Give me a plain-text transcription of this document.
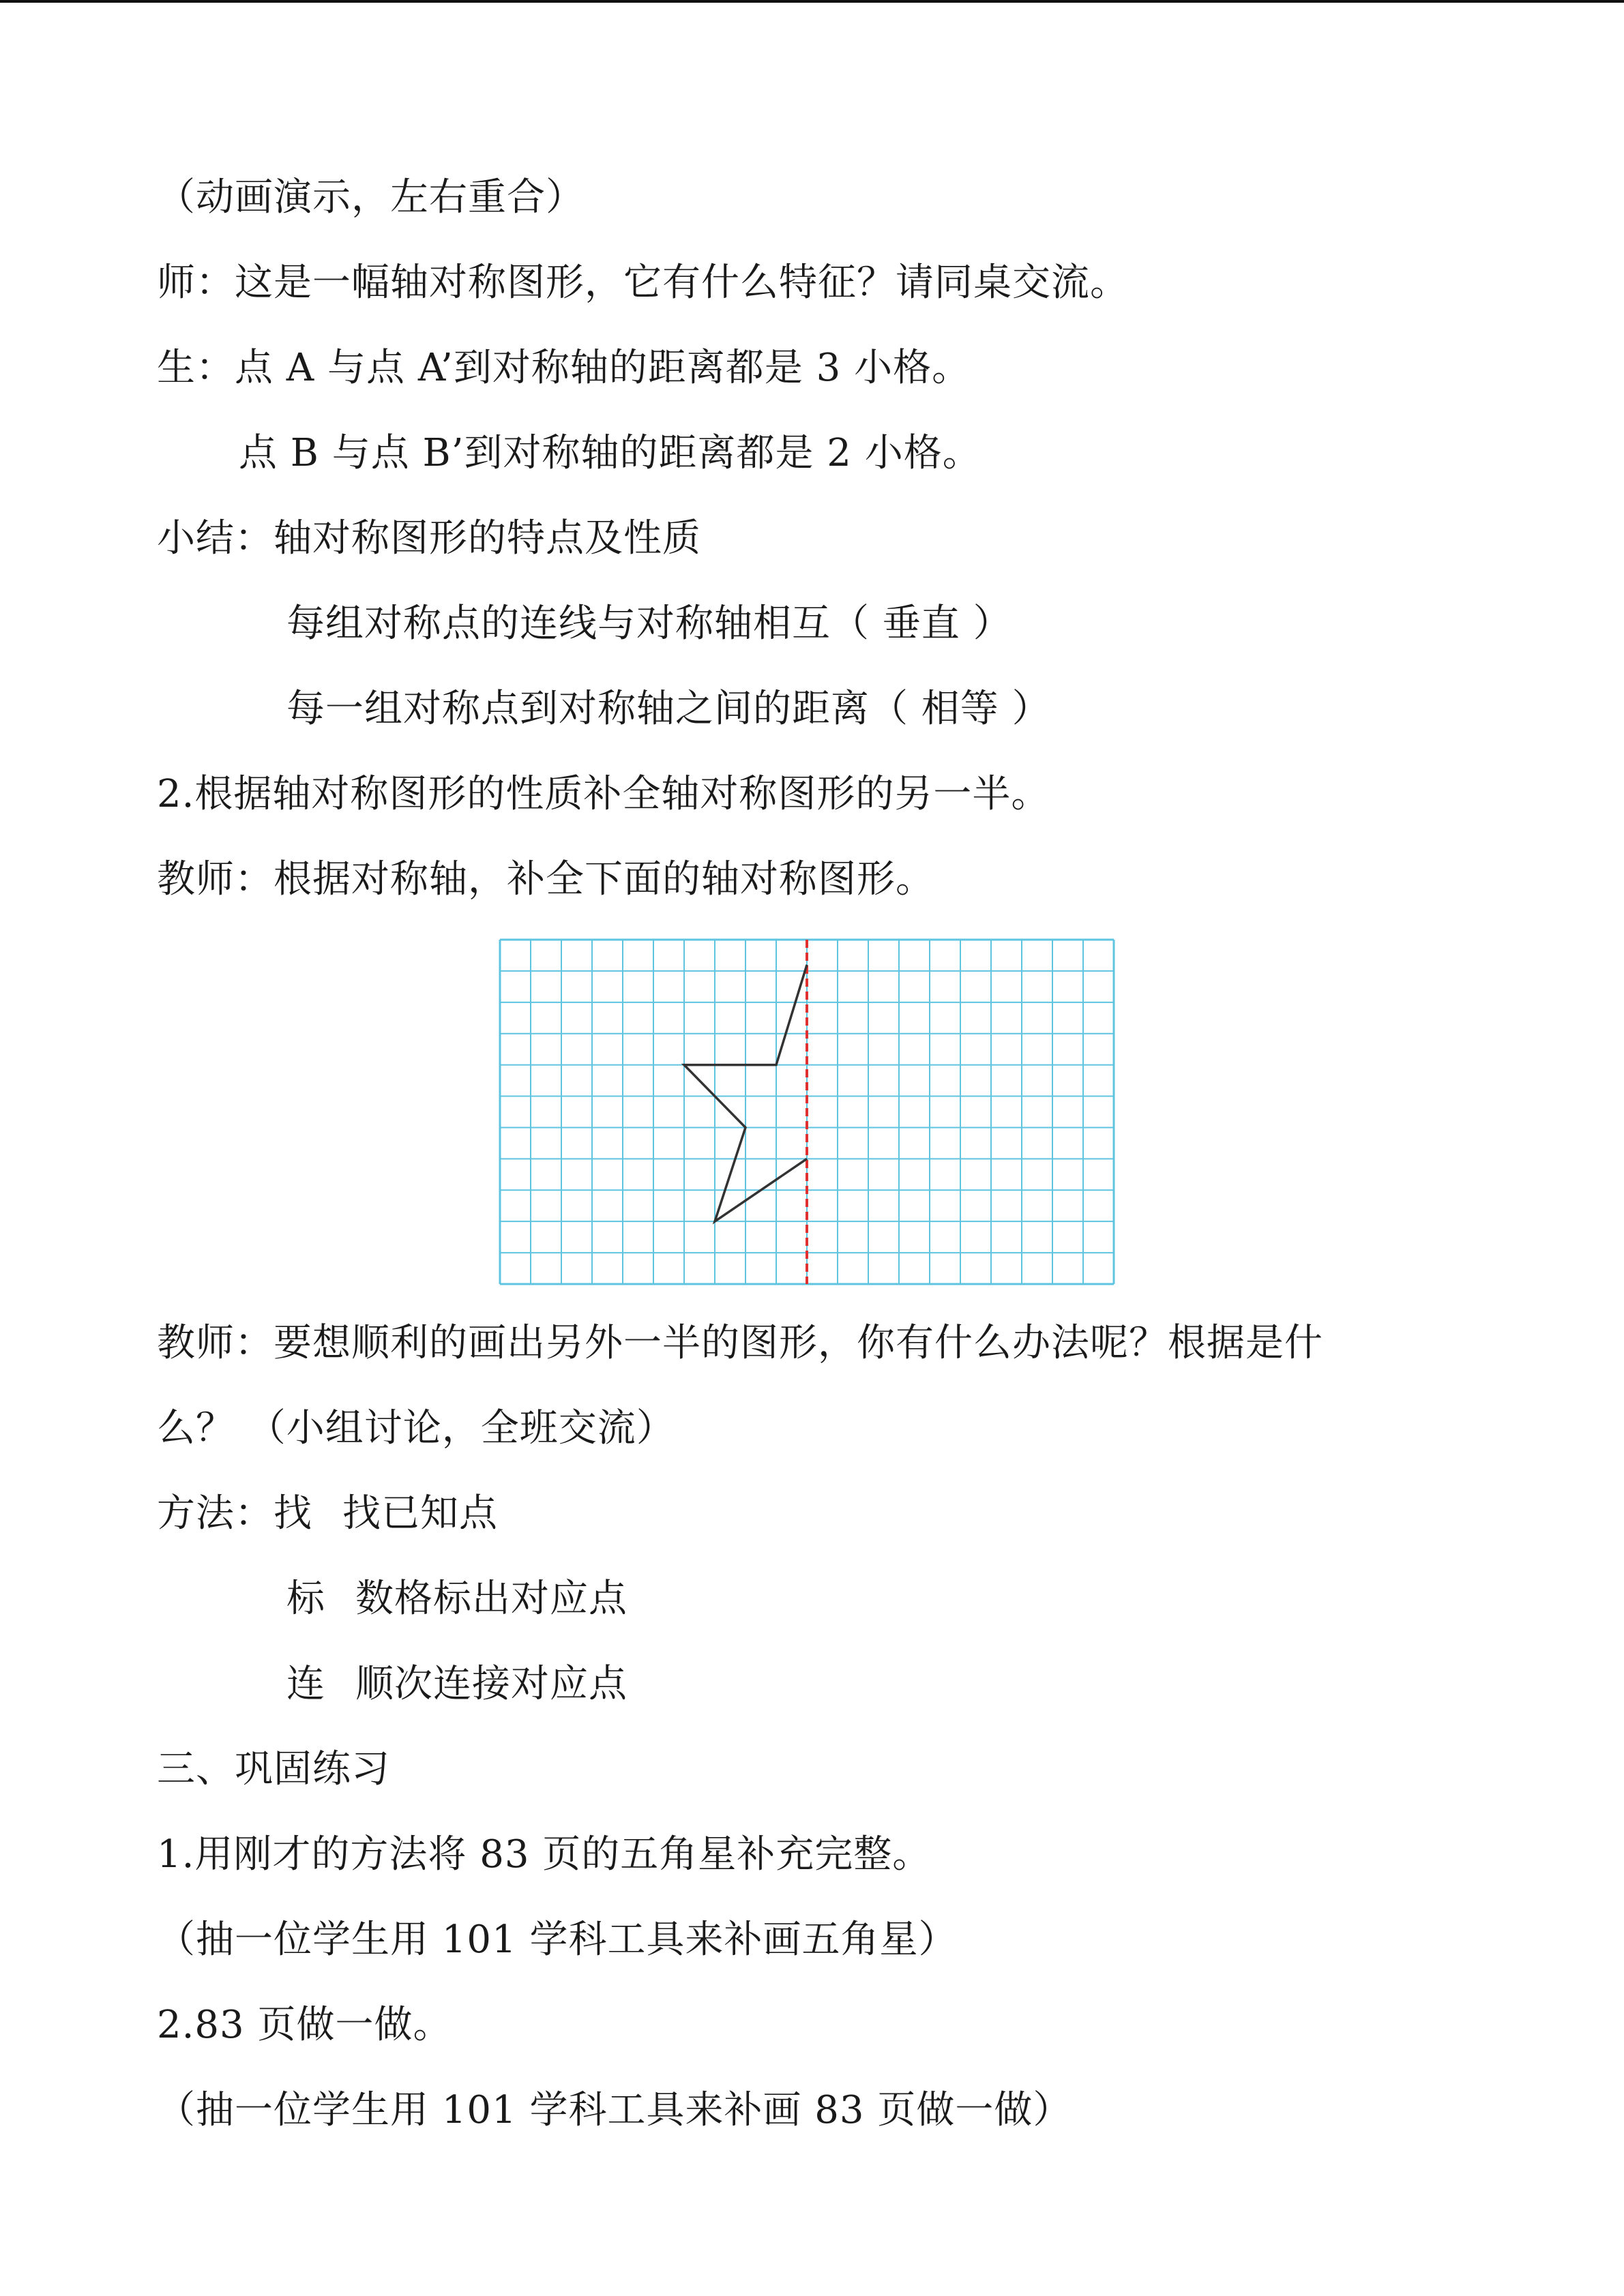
（动画演示，左右重合）
师：这是一幅轴对称图形，它有什么特征？请同桌交流。
生：点 A 与点 A’到对称轴的距离都是 3 小格。
点 B 与点 B’到对称轴的距离都是 2 小格。
小结：轴对称图形的特点及性质
每组对称点的连线与对称轴相互（ 垂直 ）
每一组对称点到对称轴之间的距离（ 相等 ）
2.根据轴对称图形的性质补全轴对称图形的另一半。
教师：根据对称轴，补全下面的轴对称图形。
教师：要想顺利的画出另外一半的图形，你有什么办法呢？根据是什
么？ （小组讨论，全班交流）
方法：找 找已知点
标 数格标出对应点
连 顺次连接对应点
三、巩固练习
1.用刚才的方法将 83 页的五角星补充完整。
（抽一位学生用 101 学科工具来补画五角星）
2.83 页做一做。
（抽一位学生用 101 学科工具来补画 83 页做一做）
